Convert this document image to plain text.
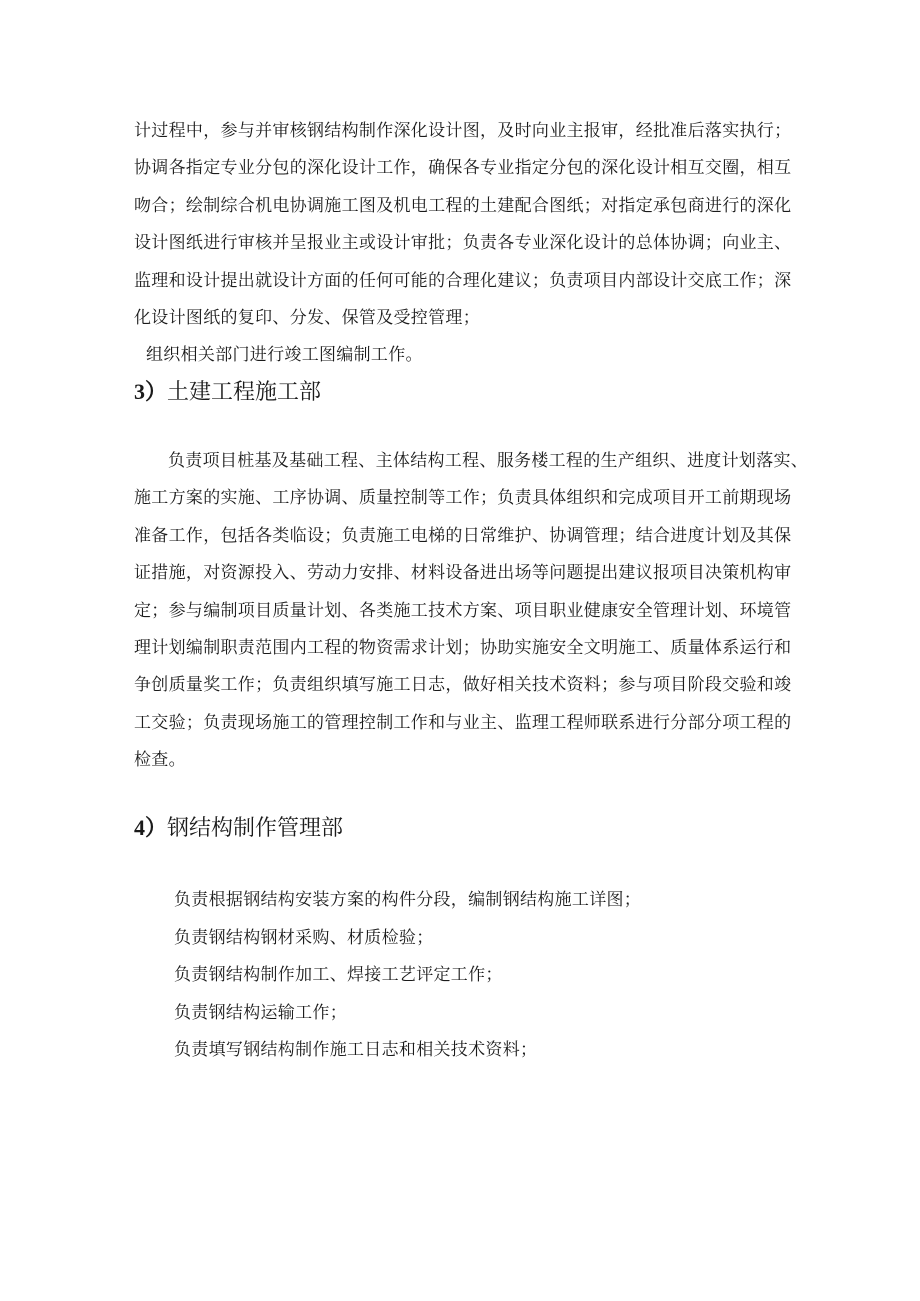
计过程中，参与并审核钢结构制作深化设计图，及时向业主报审，经批准后落实执行；
协调各指定专业分包的深化设计工作，确保各专业指定分包的深化设计相互交圈，相互
吻合；绘制综合机电协调施工图及机电工程的土建配合图纸；对指定承包商进行的深化
设计图纸进行审核并呈报业主或设计审批；负责各专业深化设计的总体协调；向业主、
监理和设计提出就设计方面的任何可能的合理化建议；负责项目内部设计交底工作；深
化设计图纸的复印、分发、保管及受控管理；
组织相关部门进行竣工图编制工作。
3）土建工程施工部
负责项目桩基及基础工程、主体结构工程、服务楼工程的生产组织、进度计划落实、
施工方案的实施、工序协调、质量控制等工作；负责具体组织和完成项目开工前期现场
准备工作，包括各类临设；负责施工电梯的日常维护、协调管理；结合进度计划及其保
证措施，对资源投入、劳动力安排、材料设备进出场等问题提出建议报项目决策机构审
定；参与编制项目质量计划、各类施工技术方案、项目职业健康安全管理计划、环境管
理计划编制职责范围内工程的物资需求计划；协助实施安全文明施工、质量体系运行和
争创质量奖工作；负责组织填写施工日志，做好相关技术资料；参与项目阶段交验和竣
工交验；负责现场施工的管理控制工作和与业主、监理工程师联系进行分部分项工程的
检查。
4）钢结构制作管理部
负责根据钢结构安装方案的构件分段，编制钢结构施工详图；
负责钢结构钢材采购、材质检验；
负责钢结构制作加工、焊接工艺评定工作；
负责钢结构运输工作；
负责填写钢结构制作施工日志和相关技术资料；
